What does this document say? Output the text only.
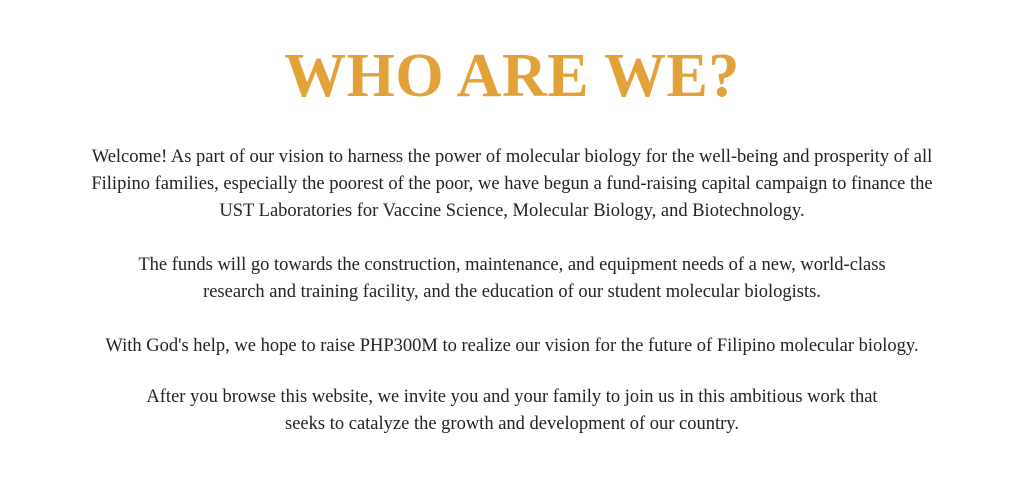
WHO ARE WE?

Welcome! As part of our vision to harness the power of molecular biology for the well-being and prosperity of all
Filipino families, especially the poorest of the poor, we have begun a fund-raising capital campaign to finance the
UST Laboratories for Vaccine Science, Molecular Biology, and Biotechnology.

The funds will go towards the construction, maintenance, and equipment needs of a new, world-class
research and training facility, and the education of our student molecular biologists.

With God's help, we hope to raise PHP300M to realize our vision for the future of Filipino molecular biology.

After you browse this website, we invite you and your family to join us in this ambitious work that
seeks to catalyze the growth and development of our country.
